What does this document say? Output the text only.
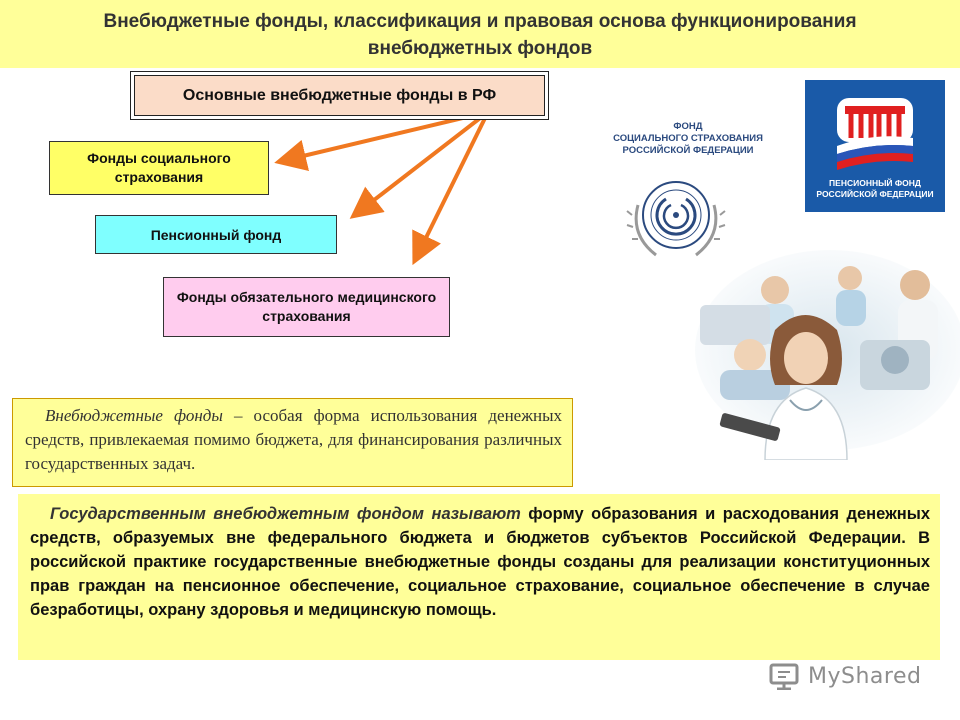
Внебюджетные фонды, классификация и правовая основа функционирования внебюджетных фондов
Основные внебюджетные фонды в РФ
Фонды социального страхования
Пенсионный фонд
Фонды обязательного медицинского страхования
ФОНД
СОЦИАЛЬНОГО СТРАХОВАНИЯ
РОССИЙСКОЙ ФЕДЕРАЦИИ
ПЕНСИОННЫЙ ФОНД
РОССИЙСКОЙ ФЕДЕРАЦИИ
Внебюджетные фонды – особая форма использования денежных средств, привлекаемая помимо бюджета, для финансирования различных государственных задач.
Государственным внебюджетным фондом называют форму образования и расходования денежных средств, образуемых вне федерального бюджета и бюджетов субъектов Российской Федерации. В российской практике государственные внебюджетные фонды созданы для реализации конституционных прав граждан на пенсионное обеспечение, социальное страхование, социальное обеспечение в случае безработицы, охрану здоровья и медицинскую помощь.
MyShared
